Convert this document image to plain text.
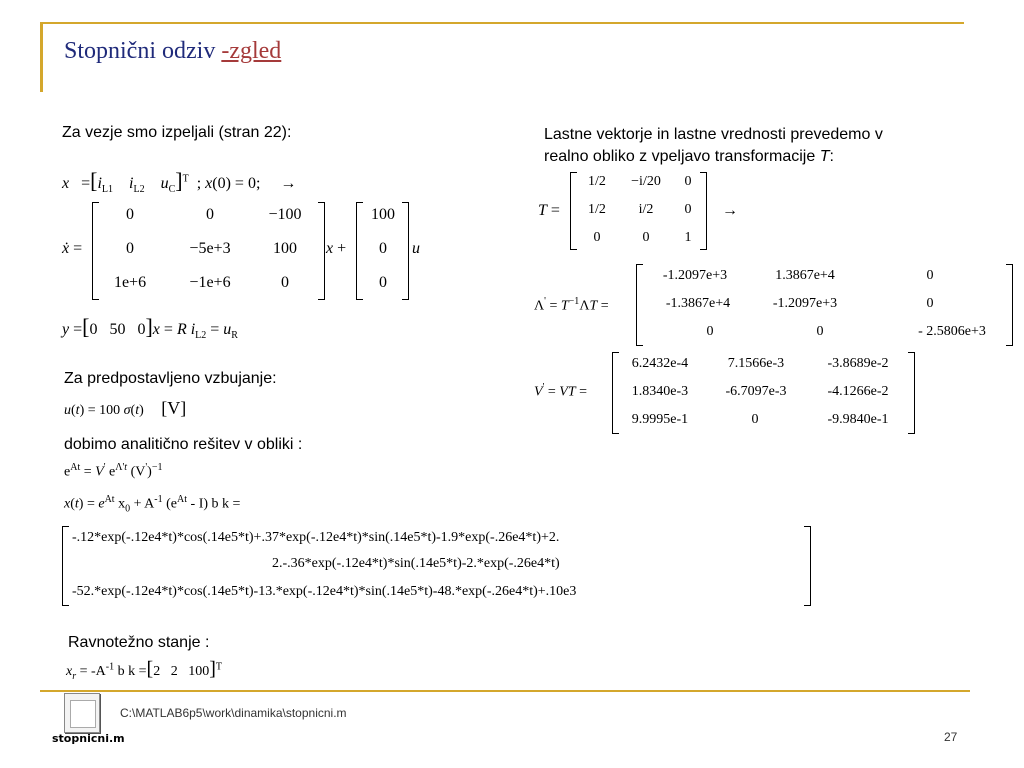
Stopnični odziv -zgled
Za vezje smo izpeljali (stran 22):
$x =[i_{L1}$ $i_{L2}$ $u_C]^T$  ; x(0) = 0;     →
ẋ =
0	0	−100
0	−5e+3	100
1e+6	−1e+6	0
x +
100
0
0
u
y =[0   50   0]x = R $i_{L2} = u_R$
Za predpostavljeno vzbujanje:
u(t) = 100 σ(t)     [V]
dobimo analitično rešitev v obliki :
$e^{At} = V'$ $e^{\Lambda't}$ $(V')^{-1}$
$x(t) = e^{At}$ $x_0 + A^{-1}$ $(e^{At} - I)$ b k =
-.12*exp(-.12e4*t)*cos(.14e5*t)+.37*exp(-.12e4*t)*sin(.14e5*t)-1.9*exp(-.26e4*t)+2.
2.-.36*exp(-.12e4*t)*sin(.14e5*t)-2.*exp(-.26e4*t)
-52.*exp(-.12e4*t)*cos(.14e5*t)-13.*exp(-.12e4*t)*sin(.14e5*t)-48.*exp(-.26e4*t)+.10e3
Ravnotežno stanje :
$x_r = -A^{-1}$ b k =[2   2   100]$^T$
Lastne vektorje in lastne vrednosti prevedemo v
realno obliko z vpeljavo transformacije T:
T =
1/2	−i/20	0
1/2	i/2	0
0	0	1
→
$\Lambda' = T^{-1}\Lambda T$ =
-1.2097e+3	1.3867e+4	0
-1.3867e+4	-1.2097e+3	0
0	0	- 2.5806e+3
V' = VT =
6.2432e-4	7.1566e-3	-3.8689e-2
1.8340e-3	-6.7097e-3	-4.1266e-2
9.9995e-1	0	-9.9840e-1
stopnicni.m
C:\MATLAB6p5\work\dinamika\stopnicni.m
27
